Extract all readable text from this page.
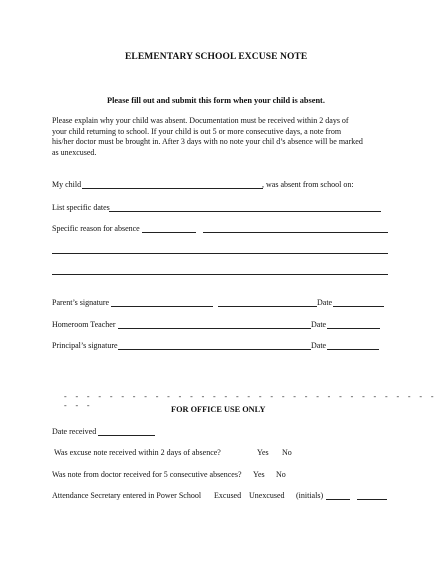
ELEMENTARY SCHOOL EXCUSE NOTE
Please fill out and submit this form when your child is absent.
Please explain why your child was absent. Documentation must be received within 2 days of
your child returning to school. If your child is out 5 or more consecutive days, a note from
his/her doctor must be brought in. After 3 days with no note your chil d’s absence will be marked
as unexcused.
My child	, was absent from school on:
List specific dates
Specific reason for absence
Parent’s signature	Date
Homeroom Teacher	Date
Principal’s signature	Date
- - - - - - - - - - - - - - - - - - - - - - - - - - - - - - - - - - - -	FOR OFFICE USE ONLY
Date received
Was excuse note received within 2 days of absence?	Yes No
Was note from doctor received for 5 consecutive absences? Yes No
Attendance Secretary entered in Power School Excused Unexcused (initials)
